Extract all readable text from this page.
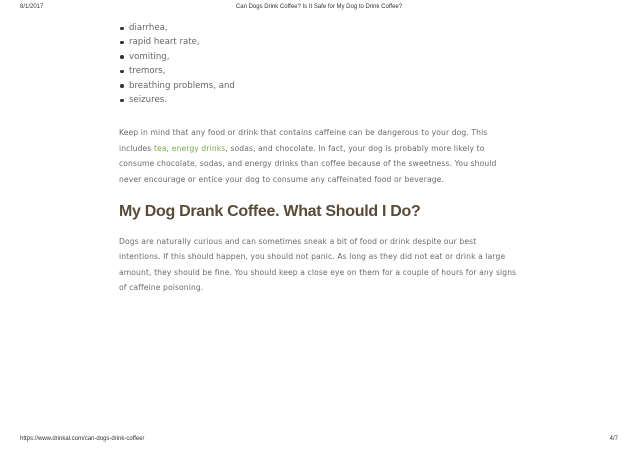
Can Dogs Drink Coffee? Is It Safe for My Dog to Drink Coffee?
8/1/2017
diarrhea,
rapid heart rate,
vomiting,
tremors,
breathing problems, and
seizures.

Keep in mind that any food or drink that contains caffeine can be dangerous to your dog. This includes tea, energy drinks, sodas, and chocolate. In fact, your dog is probably more likely to consume chocolate, sodas, and energy drinks than coffee because of the sweetness. You should never encourage or entice your dog to consume any caffeinated food or beverage.

My Dog Drank Coffee. What Should I Do?

Dogs are naturally curious and can sometimes sneak a bit of food or drink despite our best intentions. If this should happen, you should not panic. As long as they did not eat or drink a large amount, they should be fine. You should keep a close eye on them for a couple of hours for any signs of caffeine poisoning.

https://www.drinkal.com/can-dogs-drink-coffee/	4/7
